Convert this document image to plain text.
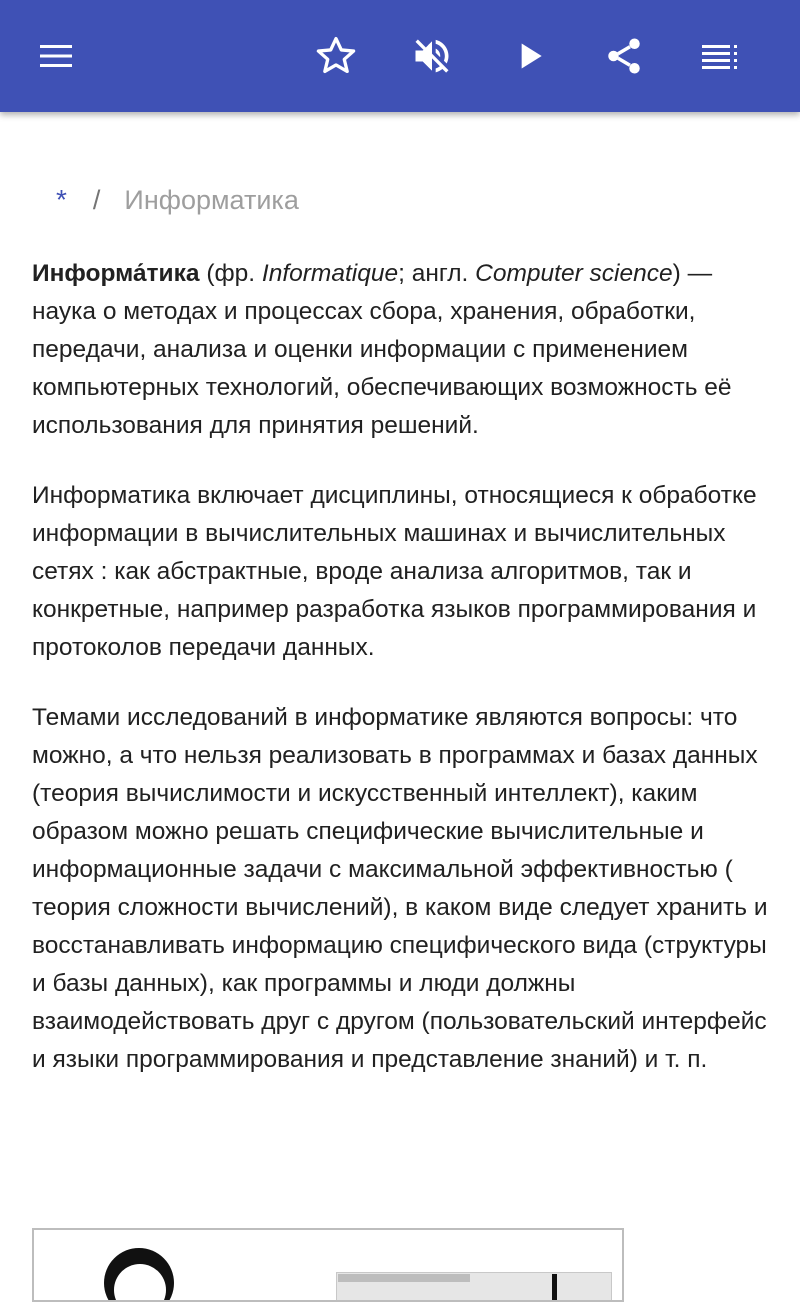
* / Информатика

Информа́тика (фр. Informatique; англ. Computer science) — наука о методах и процессах сбора, хранения, обработки, передачи, анализа и оценки информации с применением компьютерных технологий, обеспечивающих возможность её использования для принятия решений.

Информатика включает дисциплины, относящиеся к обработке информации в вычислительных машинах и вычислительных сетях : как абстрактные, вроде анализа алгоритмов, так и конкретные, например разработка языков программирования и протоколов передачи данных.

Темами исследований в информатике являются вопросы: что можно, а что нельзя реализовать в программах и базах данных (теория вычислимости и искусственный интеллект), каким образом можно решать специфические вычислительные и информационные задачи с максимальной эффективностью ( теория сложности вычислений), в каком виде следует хранить и восстанавливать информацию специфического вида (структуры и базы данных), как программы и люди должны взаимодействовать друг с другом (пользовательский интерфейс и языки программирования и представление знаний) и т. п.
